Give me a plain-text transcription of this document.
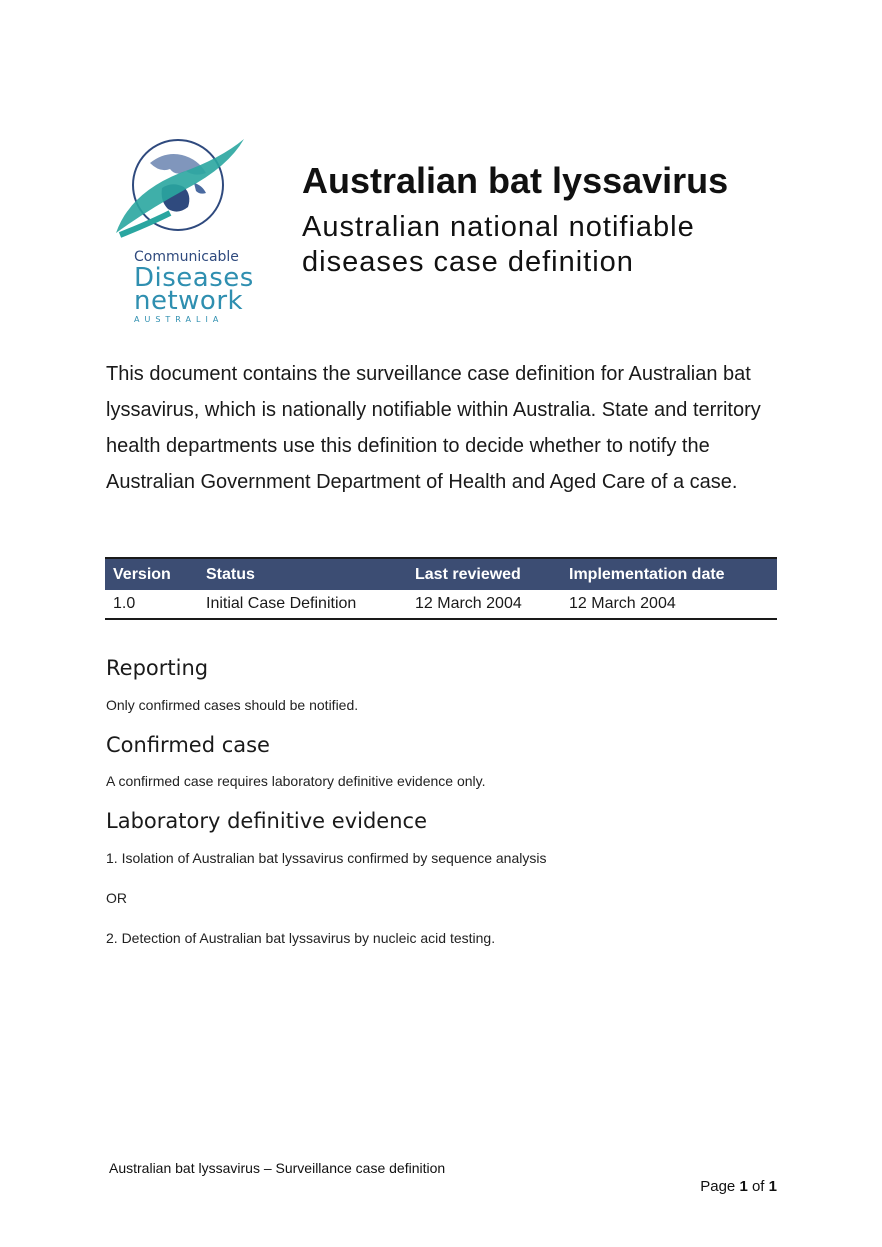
Communicable
Diseases
network
AUSTRALIA
Australian bat lyssavirus
Australian national notifiable
diseases case definition
This document contains the surveillance case definition for Australian bat lyssavirus, which is nationally notifiable within Australia. State and territory health departments use this definition to decide whether to notify the Australian Government Department of Health and Aged Care of a case.
Version	Status	Last reviewed	Implementation date
1.0	Initial Case Definition	12 March 2004	12 March 2004
Reporting
Only confirmed cases should be notified.
Confirmed case
A confirmed case requires laboratory definitive evidence only.
Laboratory definitive evidence
1. Isolation of Australian bat lyssavirus confirmed by sequence analysis
OR
2. Detection of Australian bat lyssavirus by nucleic acid testing.
Australian bat lyssavirus – Surveillance case definition
Page 1 of 1
